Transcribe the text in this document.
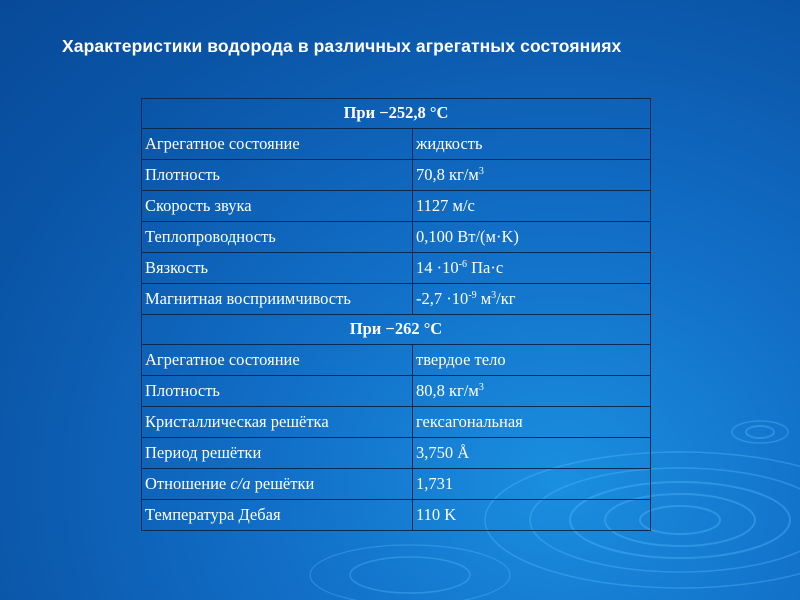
Характеристики водорода в различных агрегатных состояниях
При −252,8 °С	
Агрегатное состояние	жидкость
Плотность	70,8 $кг/м^3$
Скорость звука	1127 м/с
Теплопроводность	0,100 Вт/(м·K)
Вязкость	$14 \cdot 10^{-6}$ Па·с
Магнитная восприимчивость	$-2,7 \cdot 10^{-9}$ $м^3/кг$
При −262 °С	
Агрегатное состояние	твердое тело
Плотность	80,8 $кг/м^3$
Кристаллическая решётка	гексагональная
Период решётки	3,750 Å
Отношение c/a решётки	1,731
Температура Дебая	110 K
